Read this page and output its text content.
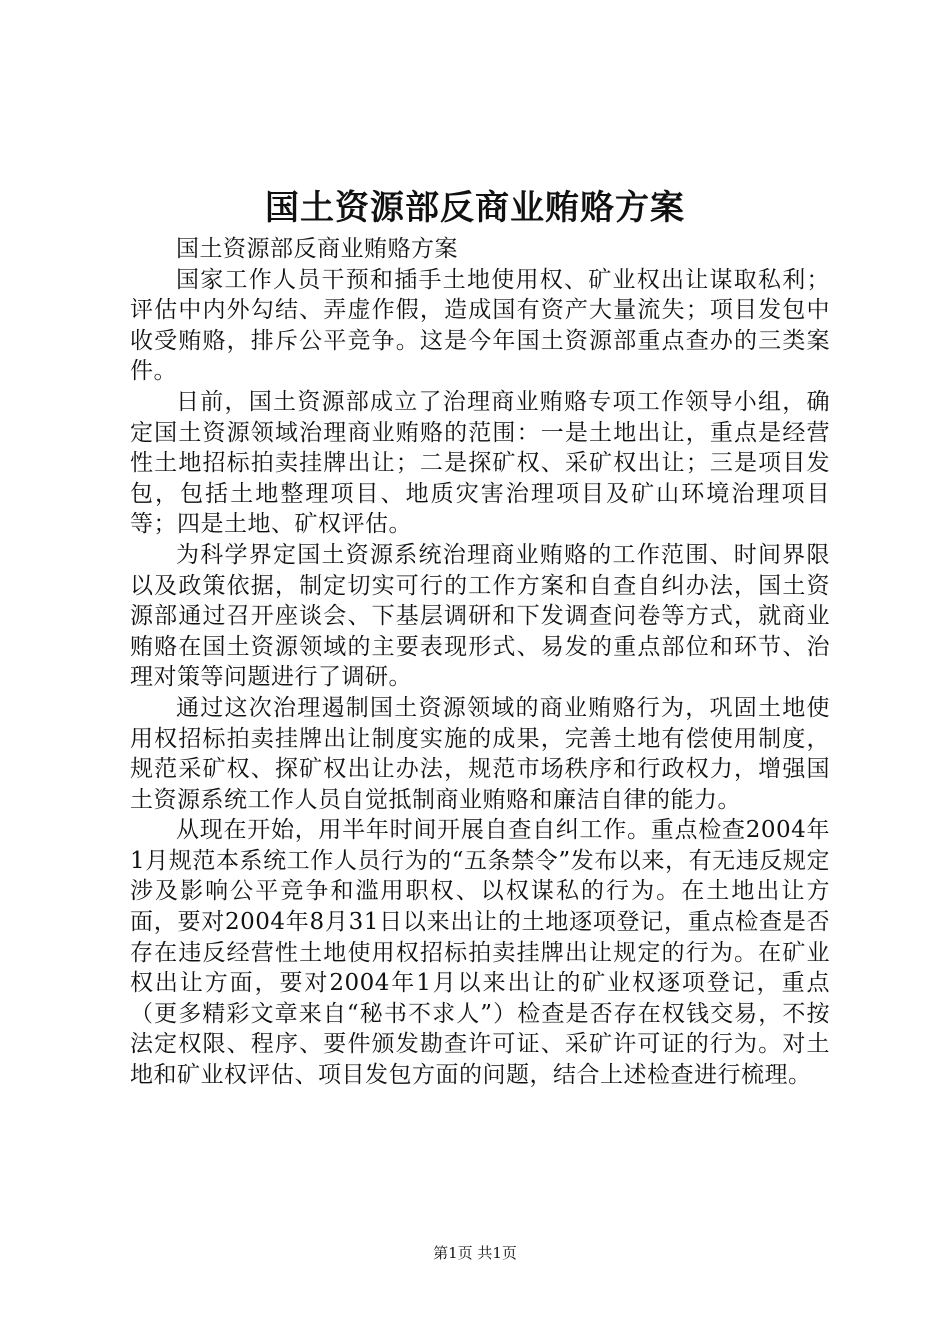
国土资源部反商业贿赂方案

国土资源部反商业贿赂方案

国家工作人员干预和插手土地使用权、矿业权出让谋取私利；评估中内外勾结、弄虚作假，造成国有资产大量流失；项目发包中收受贿赂，排斥公平竞争。这是今年国土资源部重点查办的三类案件。

日前，国土资源部成立了治理商业贿赂专项工作领导小组，确定国土资源领域治理商业贿赂的范围：一是土地出让，重点是经营性土地招标拍卖挂牌出让；二是探矿权、采矿权出让；三是项目发包，包括土地整理项目、地质灾害治理项目及矿山环境治理项目等；四是土地、矿权评估。

为科学界定国土资源系统治理商业贿赂的工作范围、时间界限以及政策依据，制定切实可行的工作方案和自查自纠办法，国土资源部通过召开座谈会、下基层调研和下发调查问卷等方式，就商业贿赂在国土资源领域的主要表现形式、易发的重点部位和环节、治理对策等问题进行了调研。

通过这次治理遏制国土资源领域的商业贿赂行为，巩固土地使用权招标拍卖挂牌出让制度实施的成果，完善土地有偿使用制度，规范采矿权、探矿权出让办法，规范市场秩序和行政权力，增强国土资源系统工作人员自觉抵制商业贿赂和廉洁自律的能力。

从现在开始，用半年时间开展自查自纠工作。重点检查2004年1月规范本系统工作人员行为的“五条禁令”发布以来，有无违反规定涉及影响公平竞争和滥用职权、以权谋私的行为。在土地出让方面，要对2004年8月31日以来出让的土地逐项登记，重点检查是否存在违反经营性土地使用权招标拍卖挂牌出让规定的行为。在矿业权出让方面，要对2004年1月以来出让的矿业权逐项登记，重点（更多精彩文章来自“秘书不求人”）检查是否存在权钱交易，不按法定权限、程序、要件颁发勘查许可证、采矿许可证的行为。对土地和矿业权评估、项目发包方面的问题，结合上述检查进行梳理。

第1页 共1页
